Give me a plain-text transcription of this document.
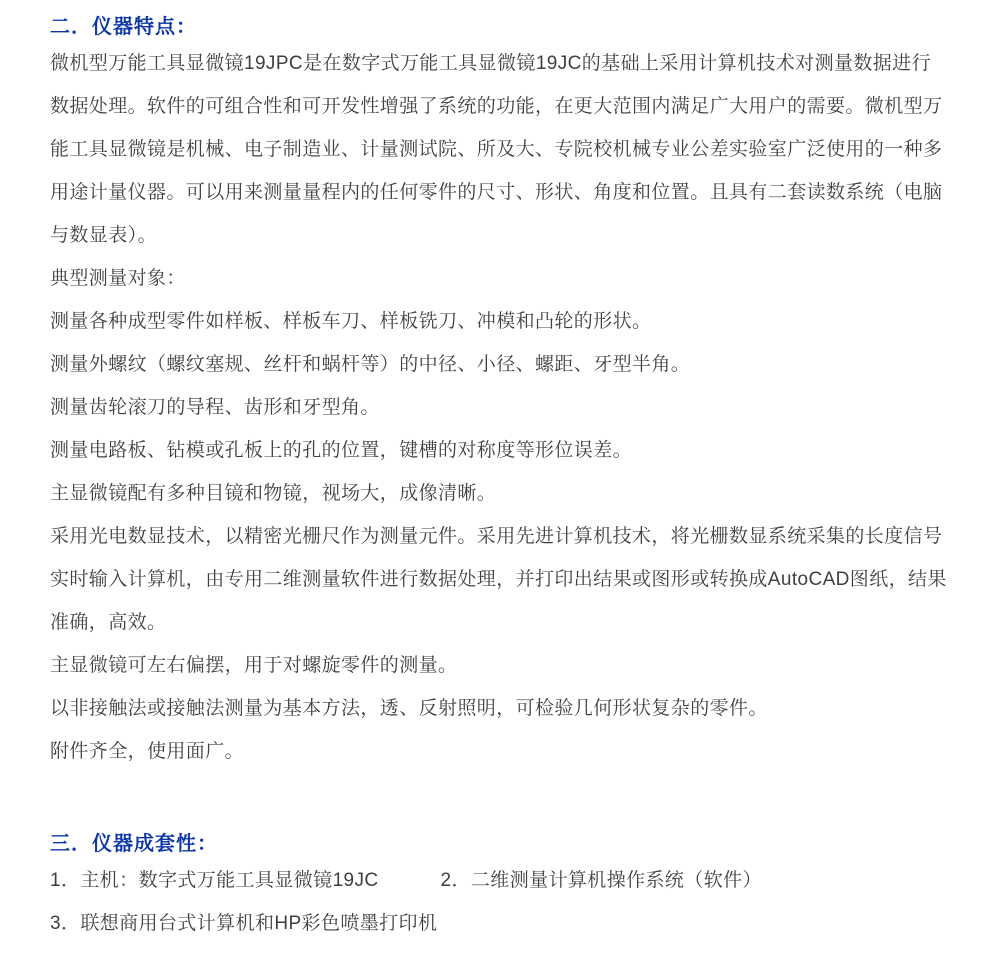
二．仪器特点：

微机型万能工具显微镜19JPC是在数字式万能工具显微镜19JC的基础上采用计算机技术对测量数据进行数据处理。软件的可组合性和可开发性增强了系统的功能，在更大范围内满足广大用户的需要。微机型万能工具显微镜是机械、电子制造业、计量测试院、所及大、专院校机械专业公差实验室广泛使用的一种多用途计量仪器。可以用来测量量程内的任何零件的尺寸、形状、角度和位置。且具有二套读数系统（电脑与数显表）。

典型测量对象：

测量各种成型零件如样板、样板车刀、样板铣刀、冲模和凸轮的形状。

测量外螺纹（螺纹塞规、丝杆和蜗杆等）的中径、小径、螺距、牙型半角。

测量齿轮滚刀的导程、齿形和牙型角。

测量电路板、钻模或孔板上的孔的位置，键槽的对称度等形位误差。

主显微镜配有多种目镜和物镜，视场大，成像清晰。

采用光电数显技术，以精密光栅尺作为测量元件。采用先进计算机技术，将光栅数显系统采集的长度信号实时输入计算机，由专用二维测量软件进行数据处理，并打印出结果或图形或转换成AutoCAD图纸，结果准确，高效。

主显微镜可左右偏摆，用于对螺旋零件的测量。

以非接触法或接触法测量为基本方法，透、反射照明，可检验几何形状复杂的零件。

附件齐全，使用面广。

三．仪器成套性：

1．主机：数字式万能工具显微镜19JC	2．二维测量计算机操作系统（软件）

3．联想商用台式计算机和HP彩色喷墨打印机
